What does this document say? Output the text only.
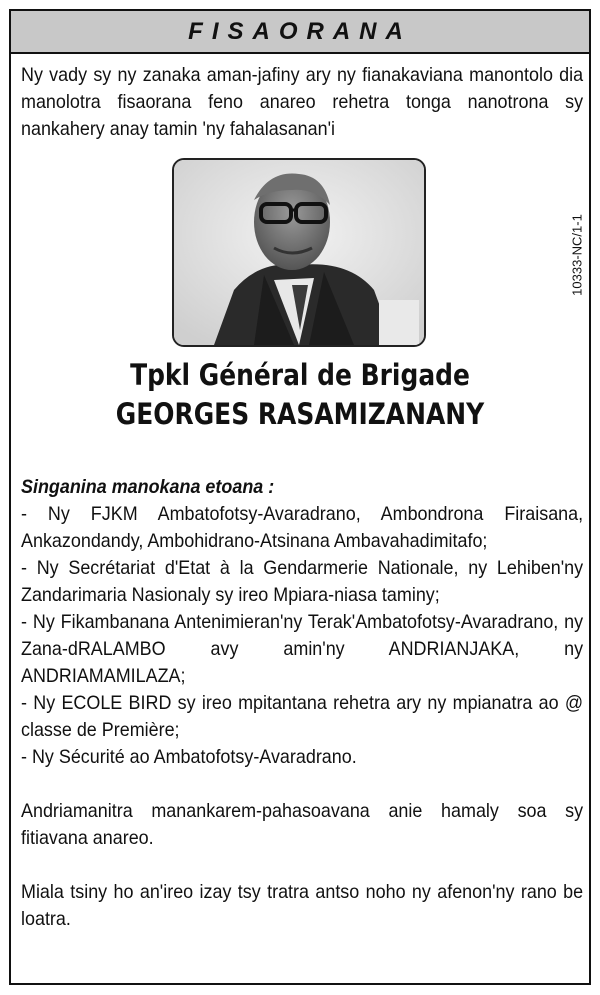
FISAORANA
Ny vady sy ny zanaka aman-jafiny ary ny fianakaviana manontolo dia manolotra fisaorana feno anareo rehetra tonga nanotrona sy nankahery anay tamin 'ny fahalasanan'i
10333-NC/1-1
Tpkl Général de Brigade
GEORGES RASAMIZANANY

Singanina manokana etoana :

- Ny FJKM Ambatofotsy-Avaradrano, Ambondrona Firaisana, Ankazondandy, Ambohidrano-Atsinana Ambavahadimitafo;

- Ny Secrétariat d'Etat à la Gendarmerie Nationale, ny Lehiben'ny Zandarimaria Nasionaly sy ireo Mpiara-niasa taminy;

- Ny Fikambanana Antenimieran'ny Terak'Ambatofotsy-Avaradrano, ny Zana-dRALAMBO avy amin'ny ANDRIANJAKA, ny ANDRIAMAMILAZA;

- Ny ECOLE BIRD sy ireo mpitantana rehetra ary ny mpianatra ao @ classe de Première;

- Ny Sécurité ao Ambatofotsy-Avaradrano.

Andriamanitra manankarem-pahasoavana anie hamaly soa sy fitiavana anareo.

Miala tsiny ho an'ireo izay tsy tratra antso noho ny afenon'ny rano be loatra.
